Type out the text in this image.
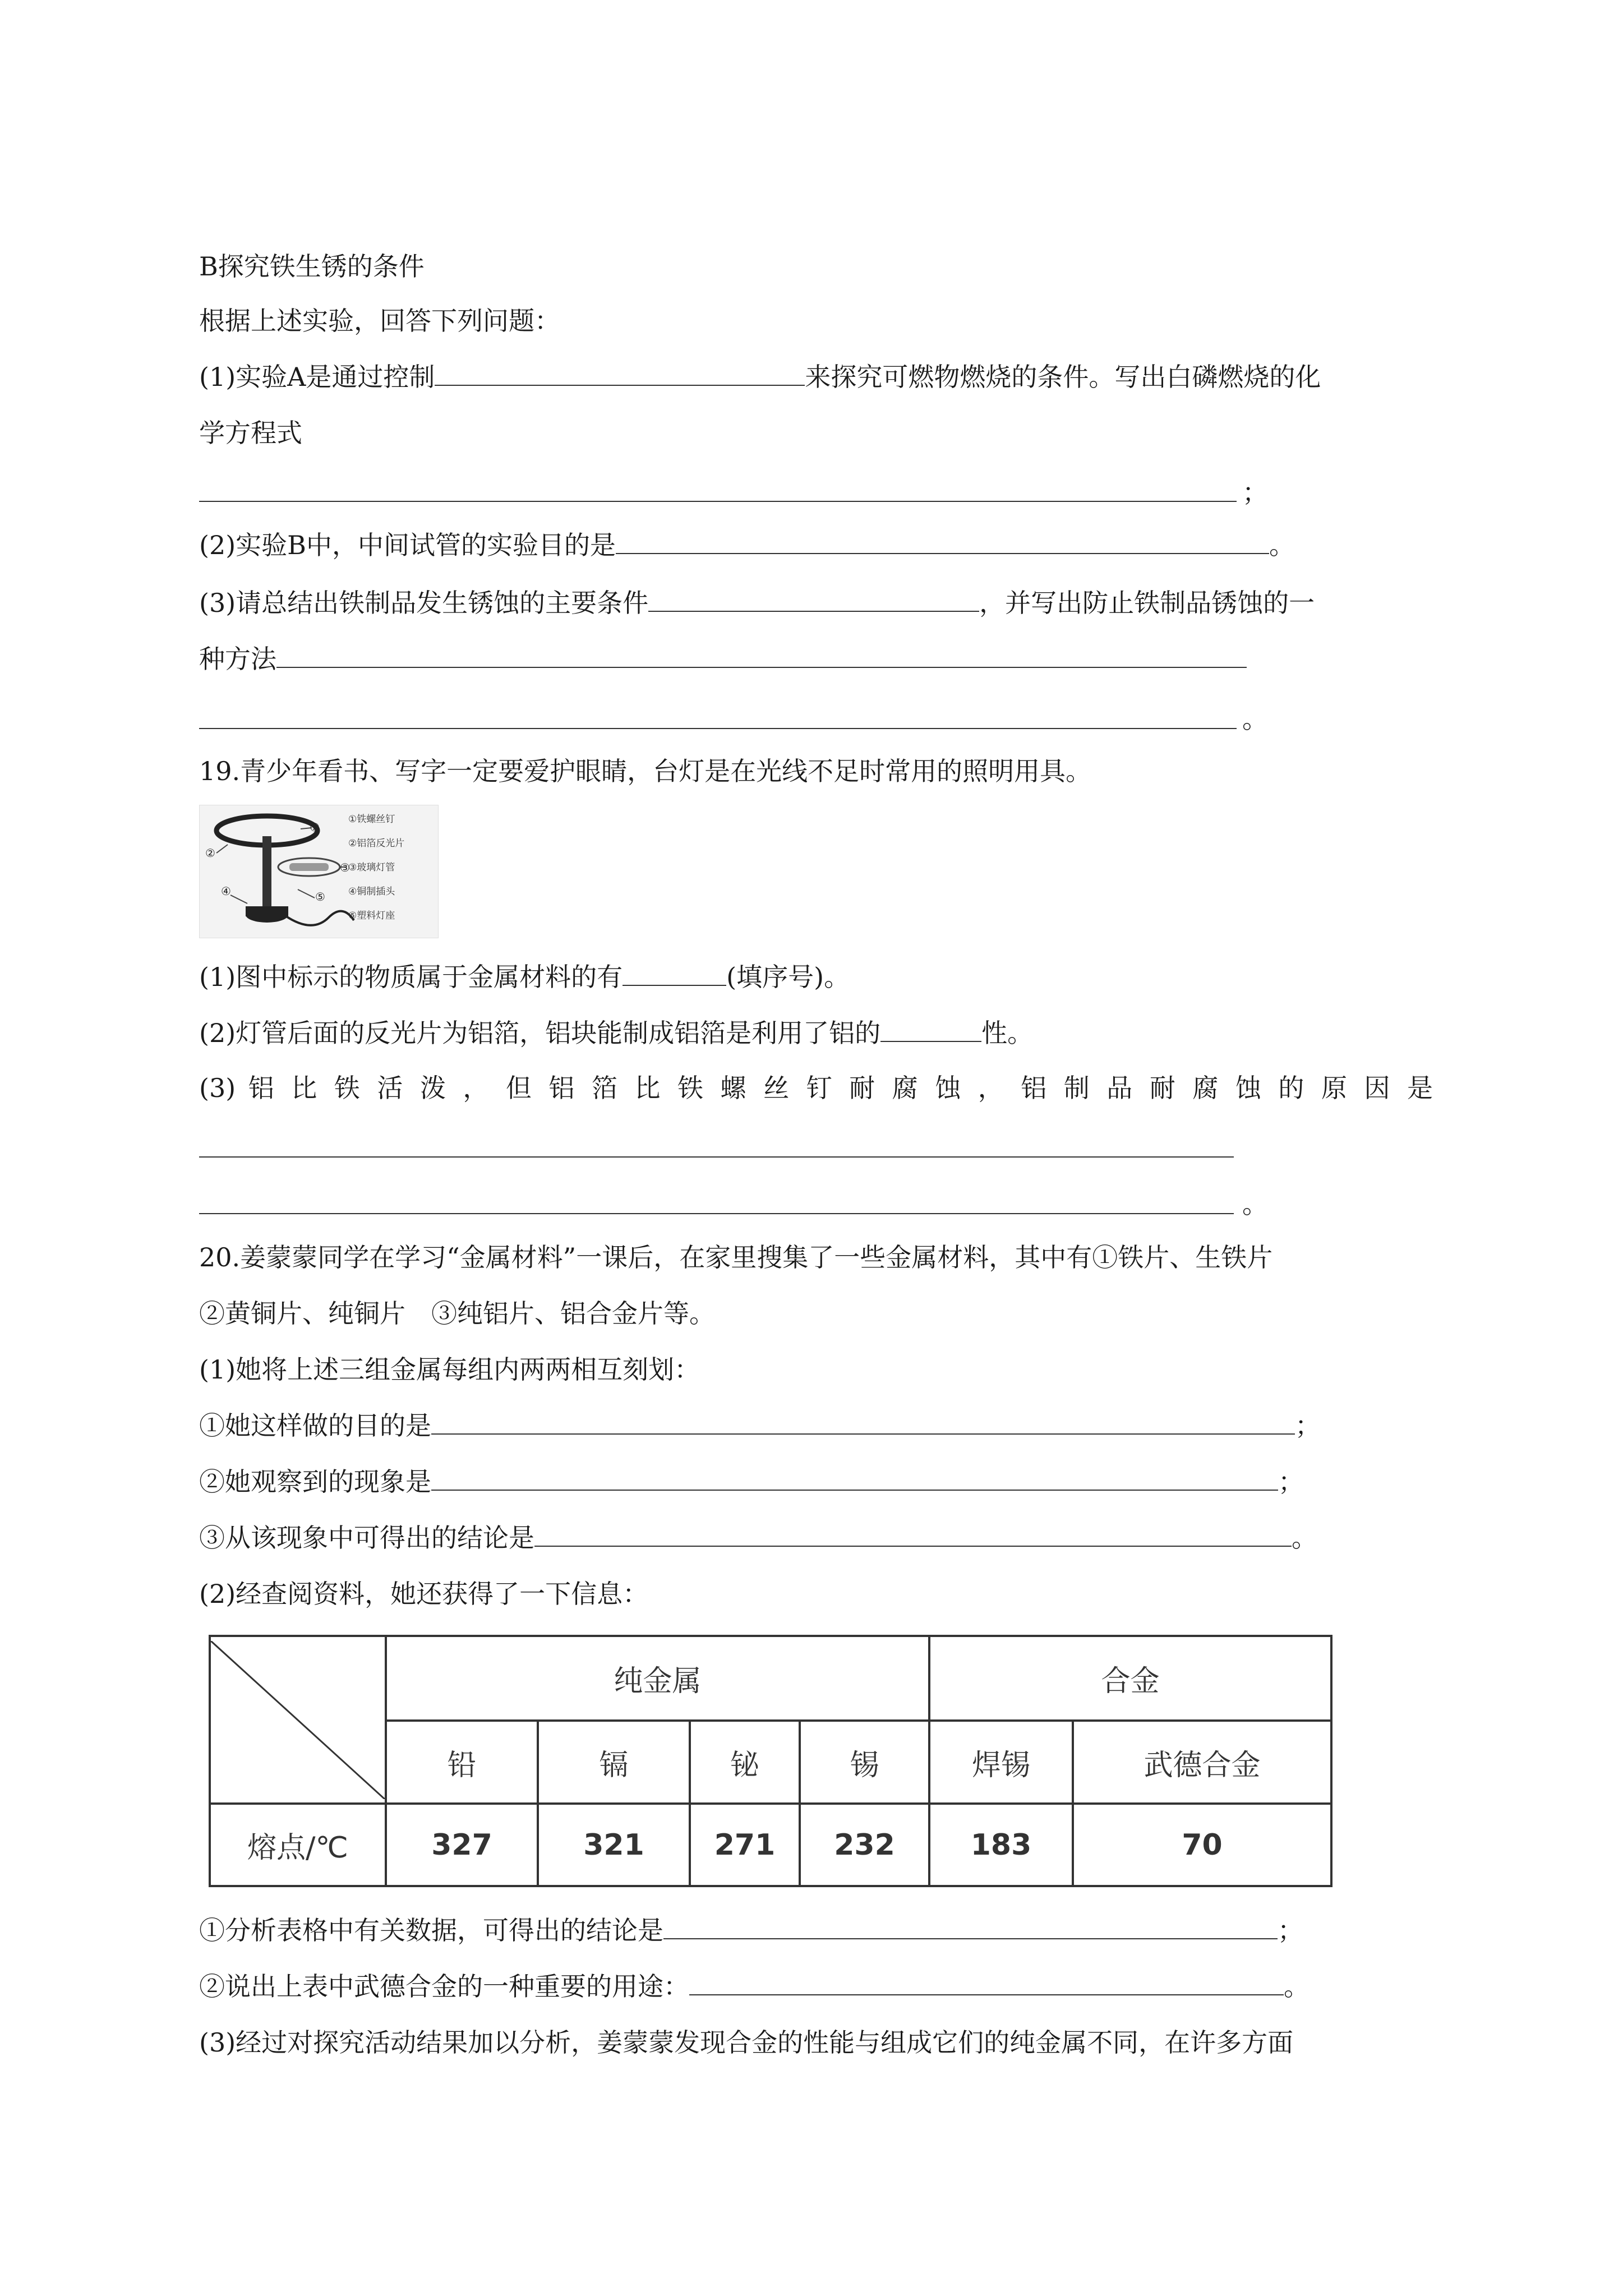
B探究铁生锈的条件
根据上述实验，回答下列问题：
(1)实验A是通过控制	来探究可燃物燃烧的条件。写出白磷燃烧的化
学方程式
；
(2)实验B中，中间试管的实验目的是	。
(3)请总结出铁制品发生锈蚀的主要条件	，并写出防止铁制品锈蚀的一
种方法
。
19.青少年看书、写字一定要爱护眼睛，台灯是在光线不足时常用的照明用具。
①
②
③
④	⑤
①铁螺丝钉
②铝箔反光片
③玻璃灯管
④铜制插头
⑤塑料灯座
(1)图中标示的物质属于金属材料的有	(填序号)。
(2)灯管后面的反光片为铝箔，铝块能制成铝箔是利用了铝的	性。
(3) 铝 比 铁 活 泼 ， 但 铝 箔 比 铁 螺 丝 钉 耐 腐 蚀 ， 铝 制 品 耐 腐 蚀 的 原 因 是
。
20.姜蒙蒙同学在学习“金属材料”一课后，在家里搜集了一些金属材料，其中有①铁片、生铁片
②黄铜片、纯铜片　③纯铝片、铝合金片等。
(1)她将上述三组金属每组内两两相互刻划：
①她这样做的目的是	；
②她观察到的现象是	；
③从该现象中可得出的结论是	。
(2)经查阅资料，她还获得了一下信息：
	纯金属				合金	
	铅	镉	铋	锡	焊锡	武德合金
熔点/℃	327	321	271	232	183	70
①分析表格中有关数据，可得出的结论是	；
②说出上表中武德合金的一种重要的用途：	。
(3)经过对探究活动结果加以分析，姜蒙蒙发现合金的性能与组成它们的纯金属不同，在许多方面
